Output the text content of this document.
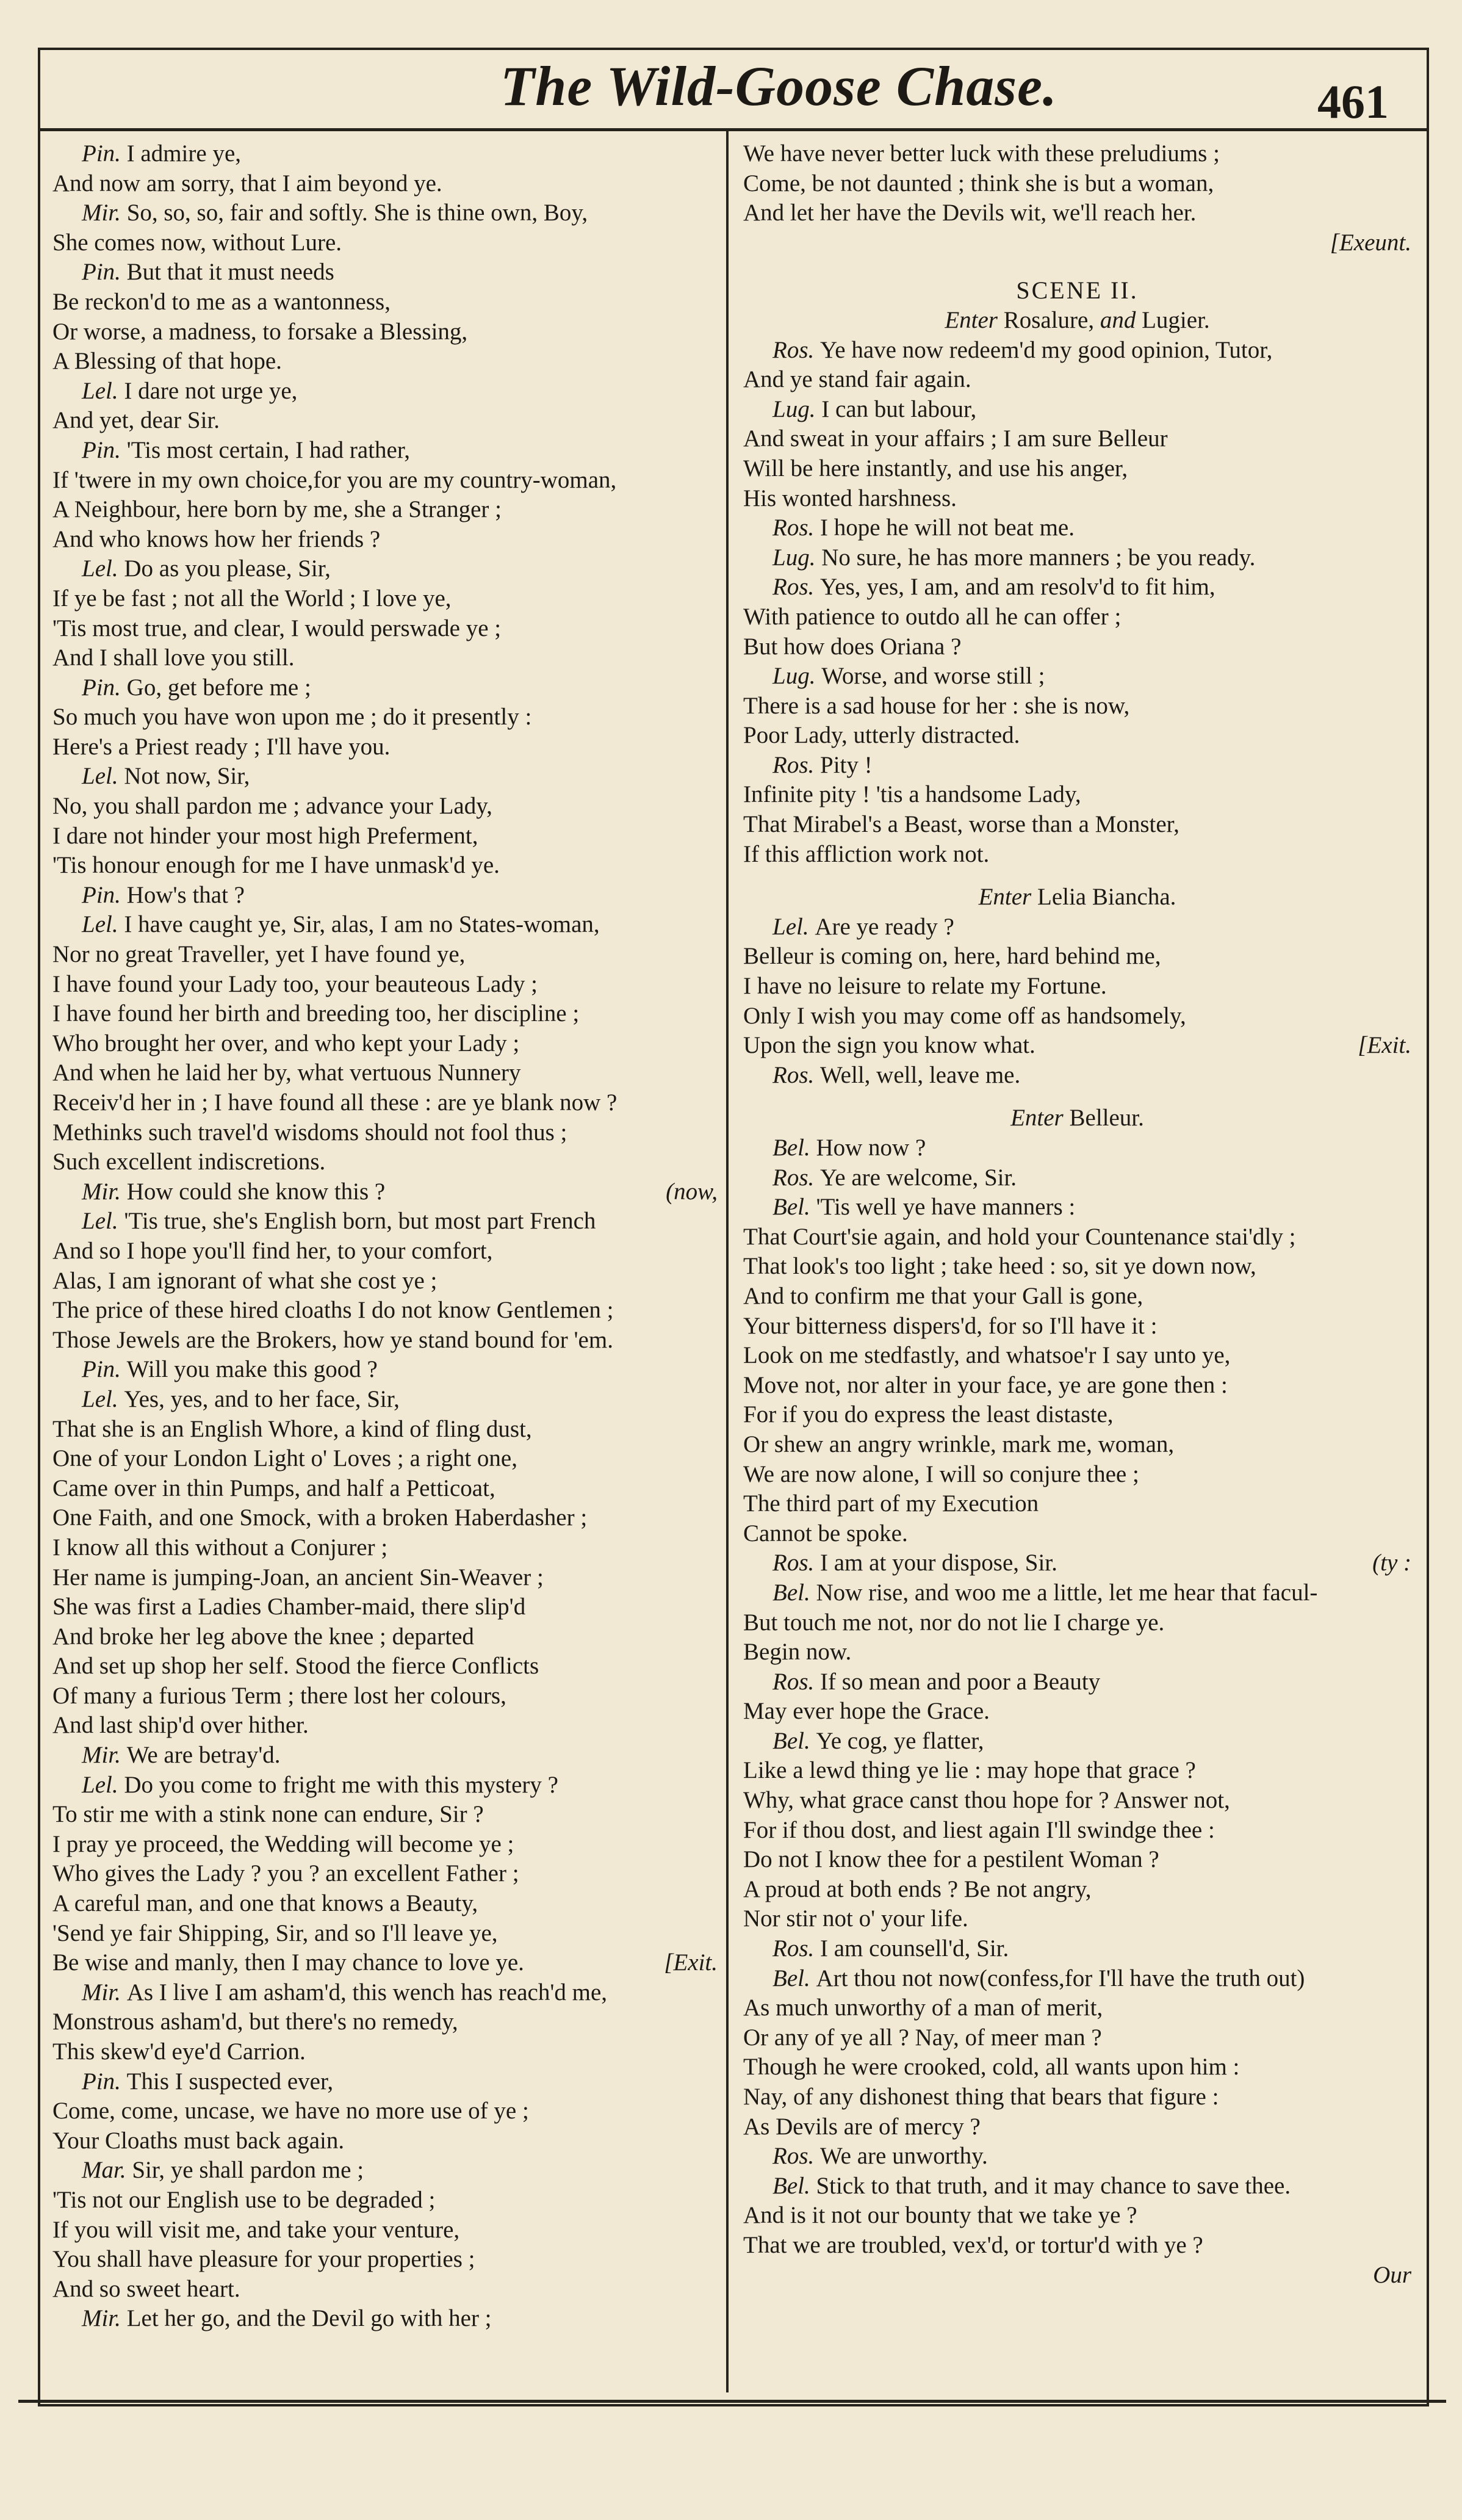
The Wild-Goose Chase.	461
Pin. I admire ye,
And now am sorry, that I aim beyond ye.
Mir. So, so, so, fair and softly. She is thine own, Boy,
She comes now, without Lure.
Pin. But that it must needs
Be reckon'd to me as a wantonness,
Or worse, a madness, to forsake a Blessing,
A Blessing of that hope.
Lel. I dare not urge ye,
And yet, dear Sir.
Pin. 'Tis most certain, I had rather,
If 'twere in my own choice,for you are my country-woman,
A Neighbour, here born by me, she a Stranger ;
And who knows how her friends ?
Lel. Do as you please, Sir,
If ye be fast ; not all the World ; I love ye,
'Tis most true, and clear, I would perswade ye ;
And I shall love you still.
Pin. Go, get before me ;
So much you have won upon me ; do it presently :
Here's a Priest ready ; I'll have you.
Lel. Not now, Sir,
No, you shall pardon me ; advance your Lady,
I dare not hinder your most high Preferment,
'Tis honour enough for me I have unmask'd ye.
Pin. How's that ?
Lel. I have caught ye, Sir, alas, I am no States-woman,
Nor no great Traveller, yet I have found ye,
I have found your Lady too, your beauteous Lady ;
I have found her birth and breeding too, her discipline ;
Who brought her over, and who kept your Lady ;
And when he laid her by, what vertuous Nunnery
Receiv'd her in ; I have found all these : are ye blank now ?
Methinks such travel'd wisdoms should not fool thus ;
Such excellent indiscretions.
Mir. How could she know this ?	(now,
Lel. 'Tis true, she's English born, but most part French
And so I hope you'll find her, to your comfort,
Alas, I am ignorant of what she cost ye ;
The price of these hired cloaths I do not know Gentlemen ;
Those Jewels are the Brokers, how ye stand bound for 'em.
Pin. Will you make this good ?
Lel. Yes, yes, and to her face, Sir,
That she is an English Whore, a kind of fling dust,
One of your London Light o' Loves ; a right one,
Came over in thin Pumps, and half a Petticoat,
One Faith, and one Smock, with a broken Haberdasher ;
I know all this without a Conjurer ;
Her name is jumping-Joan, an ancient Sin-Weaver ;
She was first a Ladies Chamber-maid, there slip'd
And broke her leg above the knee ; departed
And set up shop her self. Stood the fierce Conflicts
Of many a furious Term ; there lost her colours,
And last ship'd over hither.
Mir. We are betray'd.
Lel. Do you come to fright me with this mystery ?
To stir me with a stink none can endure, Sir ?
I pray ye proceed, the Wedding will become ye ;
Who gives the Lady ? you ? an excellent Father ;
A careful man, and one that knows a Beauty,
'Send ye fair Shipping, Sir, and so I'll leave ye,
Be wise and manly, then I may chance to love ye.	[Exit.
Mir. As I live I am asham'd, this wench has reach'd me,
Monstrous asham'd, but there's no remedy,
This skew'd eye'd Carrion.
Pin. This I suspected ever,
Come, come, uncase, we have no more use of ye ;
Your Cloaths must back again.
Mar. Sir, ye shall pardon me ;
'Tis not our English use to be degraded ;
If you will visit me, and take your venture,
You shall have pleasure for your properties ;
And so sweet heart.
Mir. Let her go, and the Devil go with her ;
We have never better luck with these preludiums ;
Come, be not daunted ; think she is but a woman,
And let her have the Devils wit, we'll reach her.
[Exeunt.
SCENE II.
Enter Rosalure, and Lugier.
Ros. Ye have now redeem'd my good opinion, Tutor,
And ye stand fair again.
Lug. I can but labour,
And sweat in your affairs ; I am sure Belleur
Will be here instantly, and use his anger,
His wonted harshness.
Ros. I hope he will not beat me.
Lug. No sure, he has more manners ; be you ready.
Ros. Yes, yes, I am, and am resolv'd to fit him,
With patience to outdo all he can offer ;
But how does Oriana ?
Lug. Worse, and worse still ;
There is a sad house for her : she is now,
Poor Lady, utterly distracted.
Ros. Pity !
Infinite pity ! 'tis a handsome Lady,
That Mirabel's a Beast, worse than a Monster,
If this affliction work not.
Enter Lelia Biancha.
Lel. Are ye ready ?
Belleur is coming on, here, hard behind me,
I have no leisure to relate my Fortune.
Only I wish you may come off as handsomely,
Upon the sign you know what.	[Exit.
Ros. Well, well, leave me.
Enter Belleur.
Bel. How now ?
Ros. Ye are welcome, Sir.
Bel. 'Tis well ye have manners :
That Court'sie again, and hold your Countenance stai'dly ;
That look's too light ; take heed : so, sit ye down now,
And to confirm me that your Gall is gone,
Your bitterness dispers'd, for so I'll have it :
Look on me stedfastly, and whatsoe'r I say unto ye,
Move not, nor alter in your face, ye are gone then :
For if you do express the least distaste,
Or shew an angry wrinkle, mark me, woman,
We are now alone, I will so conjure thee ;
The third part of my Execution
Cannot be spoke.
Ros. I am at your dispose, Sir.	(ty :
Bel. Now rise, and woo me a little, let me hear that facul-
But touch me not, nor do not lie I charge ye.
Begin now.
Ros. If so mean and poor a Beauty
May ever hope the Grace.
Bel. Ye cog, ye flatter,
Like a lewd thing ye lie : may hope that grace ?
Why, what grace canst thou hope for ? Answer not,
For if thou dost, and liest again I'll swindge thee :
Do not I know thee for a pestilent Woman ?
A proud at both ends ? Be not angry,
Nor stir not o' your life.
Ros. I am counsell'd, Sir.
Bel. Art thou not now(confess,for I'll have the truth out)
As much unworthy of a man of merit,
Or any of ye all ? Nay, of meer man ?
Though he were crooked, cold, all wants upon him :
Nay, of any dishonest thing that bears that figure :
As Devils are of mercy ?
Ros. We are unworthy.
Bel. Stick to that truth, and it may chance to save thee.
And is it not our bounty that we take ye ?
That we are troubled, vex'd, or tortur'd with ye ?
Our
